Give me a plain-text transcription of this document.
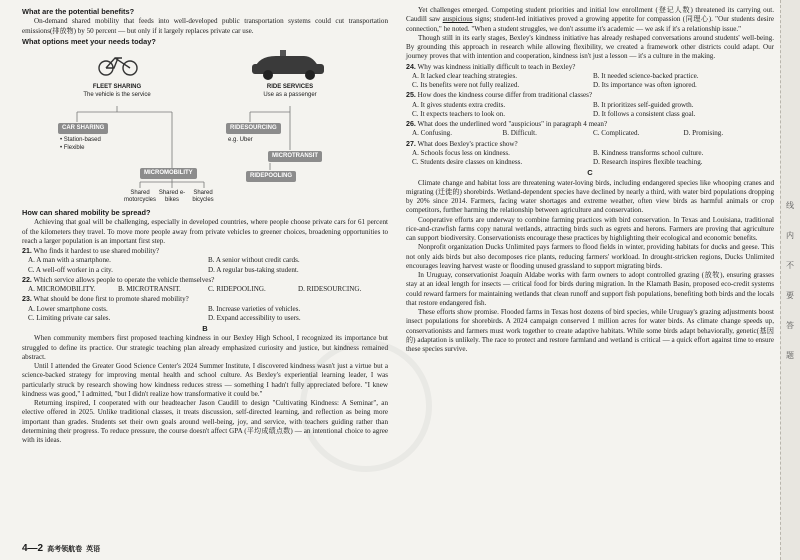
线
内
不
要
答
题
What are the potential benefits?

On-demand shared mobility that feeds into well-developed public transportation systems could cut transportation emissions(排放物) by 50 percent — but only if it largely replaces private car use.

What options meet your needs today?
FLEET SHARING
The vehicle is the service
RIDE SERVICES
Use as a passenger
CAR SHARING
• Station-based
• Flexible
MICROMOBILITY
Shared motorcycles
Shared e-bikes
Shared bicycles
RIDESOURCING
e.g. Uber
MICROTRANSIT
RIDEPOOLING
How can shared mobility be spread?

Achieving that goal will be challenging, especially in developed countries, where people choose private cars for 61 percent of the kilometers they travel. To move more people away from private vehicles to greener choices, broadening opportunities to reach a larger population is an important first step.

21. Who finds it hardest to use shared mobility?
A. A man with a smartphone.	B. A senior without credit cards.
C. A well-off worker in a city.	D. A regular bus-taking student.
22. Which service allows people to operate the vehicle themselves?
A. MICROMOBILITY.	B. MICROTRANSIT.	C. RIDEPOOLING.	D. RIDESOURCING.
23. What should be done first to promote shared mobility?
A. Lower smartphone costs.	B. Increase varieties of vehicles.
C. Limiting private car sales.	D. Expand accessibility to users.
B

When community members first proposed teaching kindness in our Bexley High School, I recognized its importance but struggled to define its practice. Our strategic teaching plan already emphasized curiosity and justice, but kindness remained abstract.

Until I attended the Greater Good Science Center's 2024 Summer Institute, I discovered kindness wasn't just a virtue but a science-backed strategy for improving mental health and school culture. As Bexley's experiential learning leader, I was particularly struck by research showing how kindness reduces stress — something I hadn't fully appreciated before. "I knew kindness was good," I admitted, "but I didn't realize how transformative it could be."

Returning inspired, I cooperated with our headteacher Jason Caudill to design "Cultivating Kindness: A Seminar", an elective offered in 2025. Unlike traditional classes, it treats discussion, self-directed learning, and reflection as being more important than grades. Students set their own goals around well-being, joy, and service, with teachers guiding rather than determining their progress. To reduce pressure, the course doesn't affect GPA (平均成绩点数) — an intentional choice to agree with its ideas.

Yet challenges emerged. Competing student priorities and initial low enrollment (登记人数) threatened its carrying out. Caudill saw auspicious signs; student-led initiatives proved a growing appetite for compassion (同理心). "Our students desire connection," he noted. "When a student struggles, we don't assume it's academic — we ask if it's a relationship issue."

Though still in its early stages, Bexley's kindness initiative has already reshaped conversations around students' well-being. By grounding this approach in research while allowing flexibility, we created a framework other districts could adapt. Our journey proves that with intention and cooperation, kindness isn't just a lesson — it's a culture in the making.

24. Why was kindness initially difficult to teach in Bexley?
A. It lacked clear teaching strategies.	B. It needed science-backed practice.
C. Its benefits were not fully realized.	D. Its importance was often ignored.
25. How does the kindness course differ from traditional classes?
A. It gives students extra credits.	B. It prioritizes self-guided growth.
C. It expects teachers to look on.	D. It follows a consistent class goal.
26. What does the underlined word "auspicious" in paragraph 4 mean?
A. Confusing.	B. Difficult.	C. Complicated.	D. Promising.
27. What does Bexley's practice show?
A. Schools focus less on kindness.	B. Kindness transforms school culture.
C. Students desire classes on kindness.	D. Research inspires flexible teaching.
C

Climate change and habitat loss are threatening water-loving birds, including endangered species like whooping cranes and migrating (迁徙的) shorebirds. Wetland-dependent species have declined by nearly a third, with water bird populations dropping by 20% since 2014. Farmers, facing water shortages and extreme weather, often view birds as harmful animals or crop competitors, further harming the relationship between agriculture and conservation.

Cooperative efforts are underway to combine farming practices with bird conservation. In Texas and Louisiana, traditional rice-and-crawfish farms copy natural wetlands, attracting birds such as egrets and herons. Farmers are proving that agriculture can support biodiversity. Conservationists encourage these practices by highlighting their ecological and economic benefits.

Nonprofit organization Ducks Unlimited pays farmers to flood fields in winter, providing habitats for ducks and geese. This not only aids birds but also decomposes rice plants, reducing farmers' workload. In drought-stricken regions, Ducks Unlimited encourages leaving harvest waste or flooding unused grassland to support migrating birds.

In Uruguay, conservationist Joaquín Aldabe works with farm owners to adopt controlled grazing (放牧), ensuring grasses stay at an ideal length for insects — critical food for birds during migration. In the Klamath Basin, proposed eco-credit systems could reward farmers for maintaining wetlands that clean runoff and support fish populations, benefiting both birds and the locals that restore endangered fish.

These efforts show promise. Flooded farms in Texas host dozens of bird species, while Uruguay's grazing adjustments boost insect populations for shorebirds. A 2024 campaign conserved 1 million acres for water birds. As climate change speeds up, conservationists and farmers must work together to create adaptive habitats. While some birds adapt behaviorally, genetic(基因的) adaptation is unlikely. The race to protect and restore farmland and wetland is critical — a quick effort against time to ensure these species survive.

4—2 高考领航卷 英语
